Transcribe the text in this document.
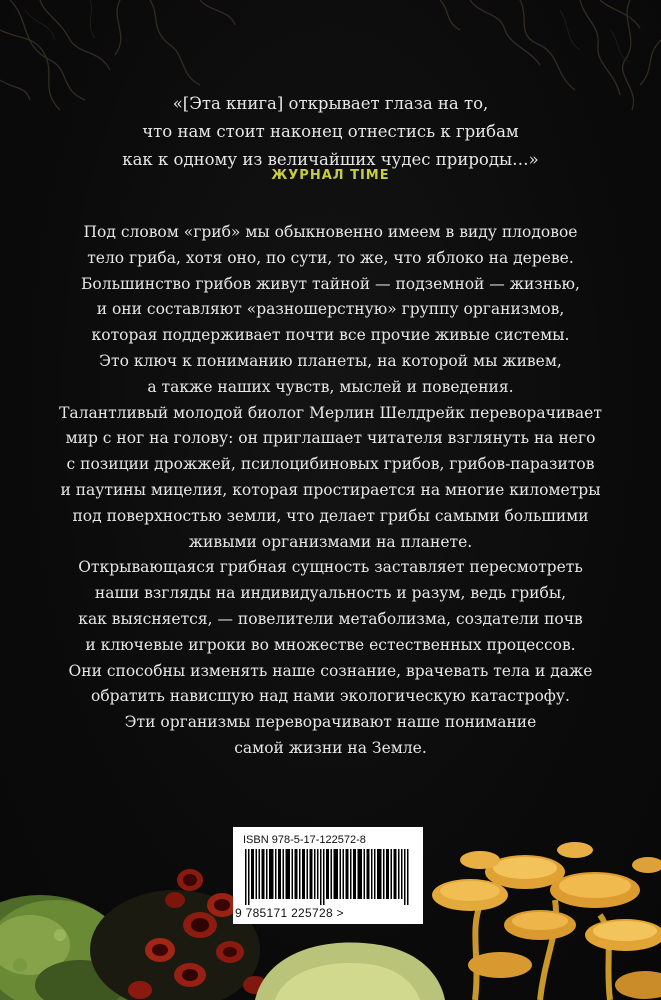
«[Эта книга] открывает глаза на то,
что нам стоит наконец отнестись к грибам
как к одному из величайших чудес природы…»
ЖУРНАЛ TIME
Под словом «гриб» мы обыкновенно имеем в виду плодовое
тело гриба, хотя оно, по сути, то же, что яблоко на дереве.
Большинство грибов живут тайной — подземной — жизнью,
и они составляют «разношерстную» группу организмов,
которая поддерживает почти все прочие живые системы.
Это ключ к пониманию планеты, на которой мы живем,
а также наших чувств, мыслей и поведения.
Талантливый молодой биолог Мерлин Шелдрейк переворачивает
мир с ног на голову: он приглашает читателя взглянуть на него
с позиции дрожжей, псилоцибиновых грибов, грибов-паразитов
и паутины мицелия, которая простирается на многие километры
под поверхностью земли, что делает грибы самыми большими
живыми организмами на планете.
Открывающаяся грибная сущность заставляет пересмотреть
наши взгляды на индивидуальность и разум, ведь грибы,
как выясняется, — повелители метаболизма, создатели почв
и ключевые игроки во множестве естественных процессов.
Они способны изменять наше сознание, врачевать тела и даже
обратить нависшую над нами экологическую катастрофу.
Эти организмы переворачивают наше понимание
самой жизни на Земле.
ISBN 978-5-17-122572-8
9 785171 225728 >
